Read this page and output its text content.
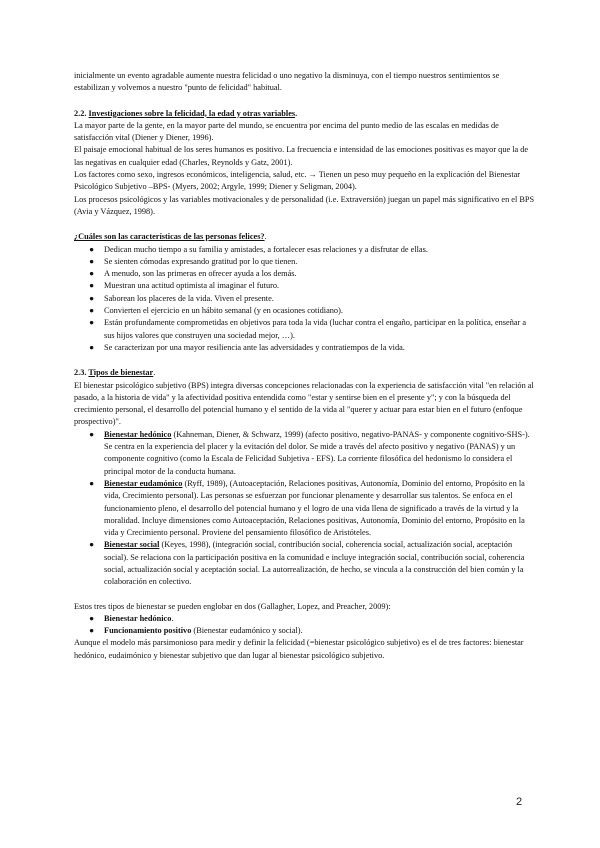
inicialmente un evento agradable aumente nuestra felicidad o uno negativo la disminuya, con el tiempo nuestros sentimientos se estabilizan y volvemos a nuestro "punto de felicidad" habitual.

2.2. Investigaciones sobre la felicidad, la edad y otras variables.

La mayor parte de la gente, en la mayor parte del mundo, se encuentra por encima del punto medio de las escalas en medidas de satisfacción vital (Diener y Diener, 1996).

El paisaje emocional habitual de los seres humanos es positivo. La frecuencia e intensidad de las emociones positivas es mayor que la de las negativas en cualquier edad (Charles, Reynolds y Gatz, 2001).

Los factores como sexo, ingresos económicos, inteligencia, salud, etc. → Tienen un peso muy pequeño en la explicación del Bienestar Psicológico Subjetivo –BPS- (Myers, 2002; Argyle, 1999; Diener y Seligman, 2004).

Los procesos psicológicos y las variables motivacionales y de personalidad (i.e. Extraversión) juegan un papel más significativo en el BPS (Avia y Vázquez, 1998).

¿Cuáles son las características de las personas felices?.

●	Dedican mucho tiempo a su familia y amistades, a fortalecer esas relaciones y a disfrutar de ellas.
●	Se sienten cómodas expresando gratitud por lo que tienen.
●	A menudo, son las primeras en ofrecer ayuda a los demás.
●	Muestran una actitud optimista al imaginar el futuro.
●	Saborean los placeres de la vida. Viven el presente.
●	Convierten el ejercicio en un hábito semanal (y en ocasiones cotidiano).
●	Están profundamente comprometidas en objetivos para toda la vida (luchar contra el engaño, participar en la política, enseñar a sus hijos valores que construyen una sociedad mejor, …).
●	Se caracterizan por una mayor resiliencia ante las adversidades y contratiempos de la vida.

2.3. Tipos de bienestar.

El bienestar psicológico subjetivo (BPS) integra diversas concepciones relacionadas con la experiencia de satisfacción vital "en relación al pasado, a la historia de vida" y la afectividad positiva entendida como "estar y sentirse bien en el presente y"; y con la búsqueda del crecimiento personal, el desarrollo del potencial humano y el sentido de la vida al "querer y actuar para estar bien en el futuro (enfoque prospectivo)".

●	Bienestar hedónico (Kahneman, Diener, & Schwarz, 1999) (afecto positivo, negativo-PANAS- y componente cognitivo-SHS-). Se centra en la experiencia del placer y la evitación del dolor. Se mide a través del afecto positivo y negativo (PANAS) y un componente cognitivo (como la Escala de Felicidad Subjetiva - EFS). La corriente filosófica del hedonismo lo considera el principal motor de la conducta humana.
●	Bienestar eudamónico (Ryff, 1989), (Autoaceptación, Relaciones positivas, Autonomía, Dominio del entorno, Propósito en la vida, Crecimiento personal). Las personas se esfuerzan por funcionar plenamente y desarrollar sus talentos. Se enfoca en el funcionamiento pleno, el desarrollo del potencial humano y el logro de una vida llena de significado a través de la virtud y la moralidad. Incluye dimensiones como Autoaceptación, Relaciones positivas, Autonomía, Dominio del entorno, Propósito en la vida y Crecimiento personal. Proviene del pensamiento filosófico de Aristóteles.
●	Bienestar social (Keyes, 1998), (integración social, contribución social, coherencia social, actualización social, aceptación social). Se relaciona con la participación positiva en la comunidad e incluye integración social, contribución social, coherencia social, actualización social y aceptación social. La autorrealización, de hecho, se vincula a la construcción del bien común y la colaboración en colectivo.

Estos tres tipos de bienestar se pueden englobar en dos (Gallagher, Lopez, and Preacher, 2009):

●	Bienestar hedónico.
●	Funcionamiento positivo (Bienestar eudamónico y social).

Aunque el modelo más parsimonioso para medir y definir la felicidad (=bienestar psicológico subjetivo) es el de tres factores: bienestar hedónico, eudaimónico y bienestar subjetivo que dan lugar al bienestar psicológico subjetivo.

2
